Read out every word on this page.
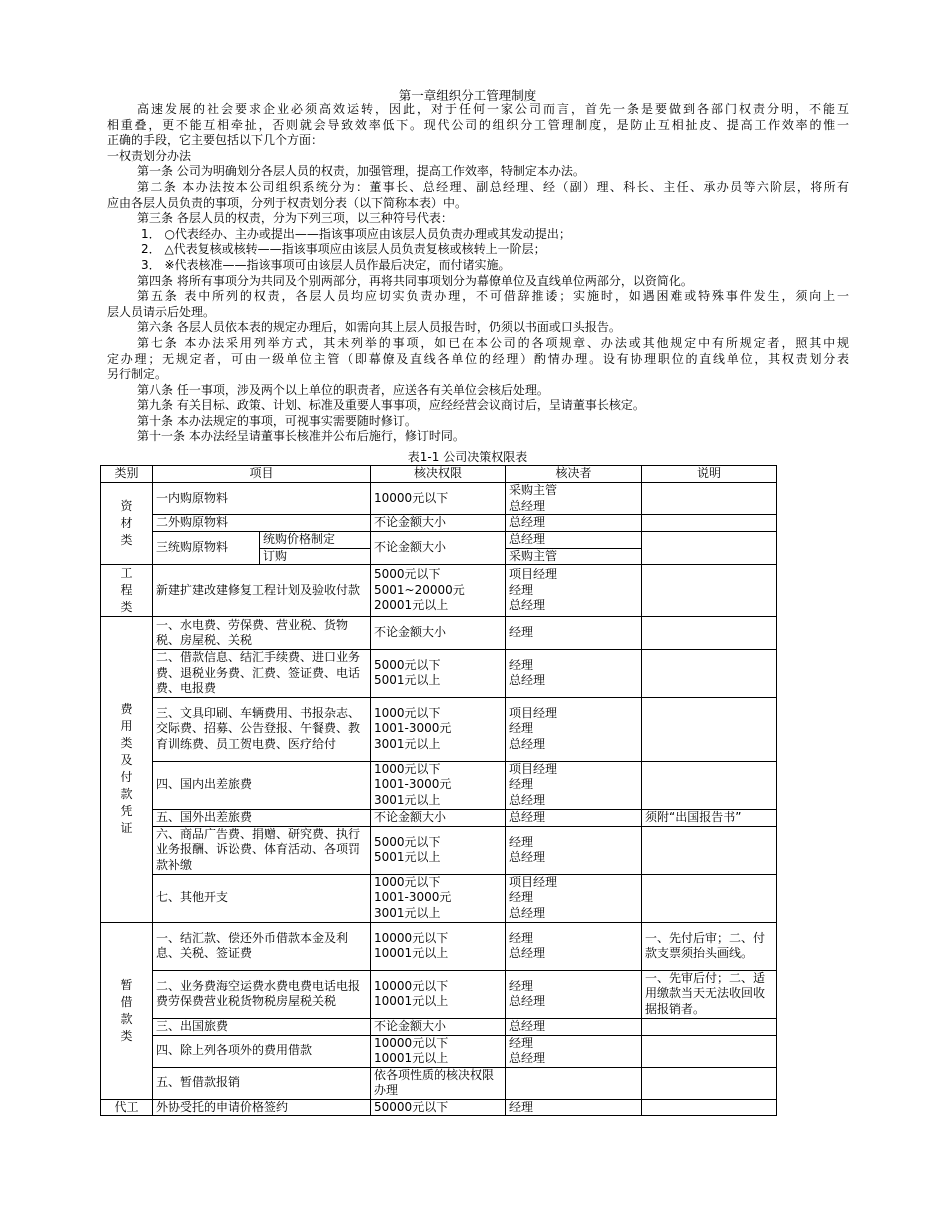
第一章组织分工管理制度
高速发展的社会要求企业必须高效运转，因此，对于任何一家公司而言，首先一条是要做到各部门权责分明，不能互
相重叠，更不能互相牵扯，否则就会导致效率低下。现代公司的组织分工管理制度，是防止互相扯皮、提高工作效率的惟一
正确的手段，它主要包括以下几个方面：
一权责划分办法
第一条 公司为明确划分各层人员的权责，加强管理，提高工作效率，特制定本办法。
第二条 本办法按本公司组织系统分为：董事长、总经理、副总经理、经（副）理、科长、主任、承办员等六阶层，将所有
应由各层人员负责的事项，分列于权责划分表（以下简称本表）中。
第三条 各层人员的权责，分为下列三项，以三种符号代表：
1． ○代表经办、主办或提出——指该事项应由该层人员负责办理或其发动提出；
2． △代表复核或核转——指该事项应由该层人员负责复核或核转上一阶层；
3． ※代表核准——指该事项可由该层人员作最后决定，而付诸实施。
第四条 将所有事项分为共同及个别两部分，再将共同事项划分为幕僚单位及直线单位两部分，以资简化。
第五条 表中所列的权责，各层人员均应切实负责办理，不可借辞推诿；实施时，如遇困难或特殊事件发生，须向上一
层人员请示后处理。
第六条 各层人员依本表的规定办理后，如需向其上层人员报告时，仍须以书面或口头报告。
第七条 本办法采用列举方式，其未列举的事项，如已在本公司的各项规章、办法或其他规定中有所规定者，照其中规
定办理；无规定者，可由一级单位主管（即幕僚及直线各单位的经理）酌情办理。设有协理职位的直线单位，其权责划分表
另行制定。
第八条 任一事项，涉及两个以上单位的职责者，应送各有关单位会核后处理。
第九条 有关目标、政策、计划、标准及重要人事事项，应经经营会议商讨后，呈请董事长核定。
第十条 本办法规定的事项，可视事实需要随时修订。
第十一条 本办法经呈请董事长核准并公布后施行，修订时同。
表1-1 公司决策权限表
类别	项目		核决权限	核决者	说明
资材类	一内购原物料		10000元以下	采购主管
总经理	
	二外购原物料		不论金额大小	总经理	
	三统购原物料	统购价格制定	不论金额大小	总经理	
		订购		采购主管	
工程类	新建扩建改建修复工程计划及验收付款		5000元以下
5001~20000元
20001元以上	项目经理
经理
总经理	
费用类及付款凭证	一、水电费、劳保费、营业税、货物税、房屋税、关税		不论金额大小	经理	
	二、借款信息、结汇手续费、进口业务费、退税业务费、汇费、签证费、电话费、电报费		5000元以下
5001元以上	经理
总经理	
	三、文具印刷、车辆费用、书报杂志、交际费、招募、公告登报、午餐费、教育训练费、员工贺电费、医疗给付		1000元以下
1001-3000元
3001元以上	项目经理
经理
总经理	
	四、国内出差旅费		1000元以下
1001-3000元
3001元以上	项目经理
经理
总经理	
	五、国外出差旅费		不论金额大小	总经理	须附“出国报告书”
	六、商品广告费、捐赠、研究费、执行业务报酬、诉讼费、体育活动、各项罚款补缴		5000元以下
5001元以上	经理
总经理	
	七、其他开支		1000元以下
1001-3000元
3001元以上	项目经理
经理
总经理	
暂借款类	一、结汇款、偿还外币借款本金及利息、关税、签证费		10000元以下
10001元以上	经理
总经理	一、先付后审；二、付款支票须抬头画线。
	二、业务费海空运费水费电费电话电报费劳保费营业税货物税房屋税关税		10000元以下
10001元以上	经理
总经理	一、先审后付；二、适用缴款当天无法收回收据报销者。
	三、出国旅费		不论金额大小	总经理	
	四、除上列各项外的费用借款		10000元以下
10001元以上	经理
总经理	
	五、暂借款报销		依各项性质的核决权限办理		
代工	外协受托的申请价格签约		50000元以下	经理	
